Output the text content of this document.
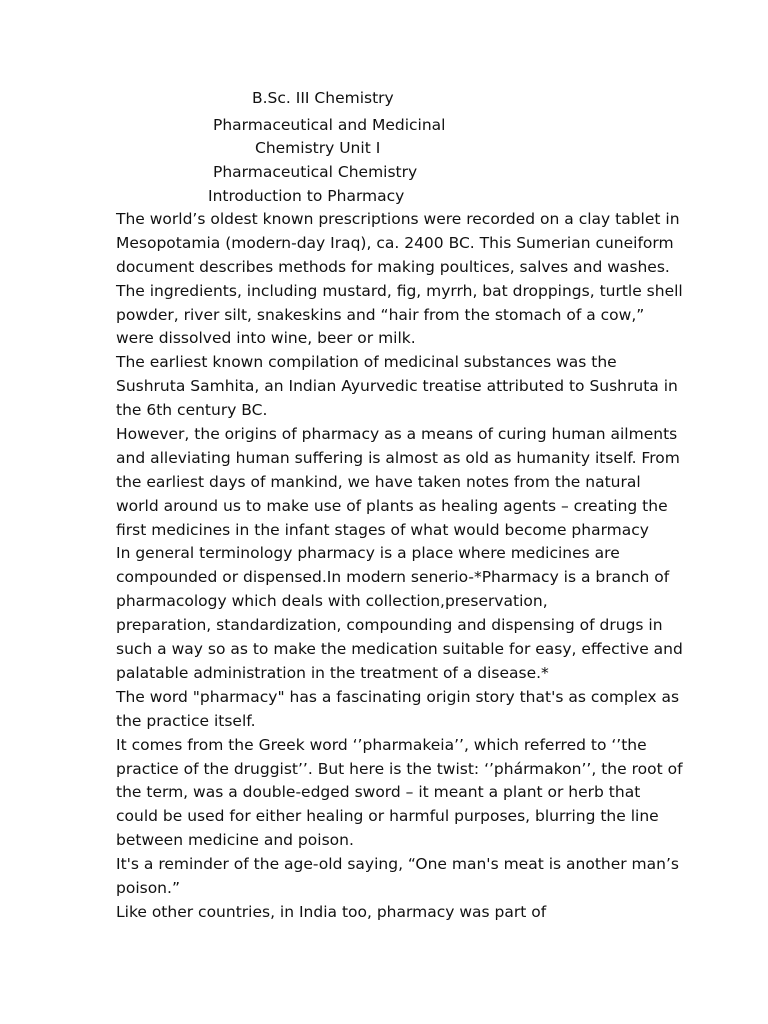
B.Sc. III Chemistry
Pharmaceutical and Medicinal
Chemistry Unit I
Pharmaceutical Chemistry
Introduction to Pharmacy
The world’s oldest known prescriptions were recorded on a clay tablet in
Mesopotamia (modern-day Iraq), ca. 2400 BC. This Sumerian cuneiform
document describes methods for making poultices, salves and washes.
The ingredients, including mustard, fig, myrrh, bat droppings, turtle shell
powder, river silt, snakeskins and “hair from the stomach of a cow,”
were dissolved into wine, beer or milk.
The earliest known compilation of medicinal substances was the
Sushruta Samhita, an Indian Ayurvedic treatise attributed to Sushruta in
the 6th century BC.
However, the origins of pharmacy as a means of curing human ailments
and alleviating human suffering is almost as old as humanity itself. From
the earliest days of mankind, we have taken notes from the natural
world around us to make use of plants as healing agents – creating the
first medicines in the infant stages of what would become pharmacy
In general terminology pharmacy is a place where medicines are
compounded or dispensed.In modern senerio-*Pharmacy is a branch of
pharmacology which deals with collection,preservation,
preparation, standardization, compounding and dispensing of drugs in
such a way so as to make the medication suitable for easy, effective and
palatable administration in the treatment of a disease.*
The word "pharmacy" has a fascinating origin story that's as complex as
the practice itself.
It comes from the Greek word ‘’pharmakeia’’, which referred to ‘’the
practice of the druggist’’. But here is the twist: ‘’phármakon’’, the root of
the term, was a double-edged sword – it meant a plant or herb that
could be used for either healing or harmful purposes, blurring the line
between medicine and poison.
It's a reminder of the age-old saying, “One man's meat is another man’s
poison.”
Like other countries, in India too, pharmacy was part of
